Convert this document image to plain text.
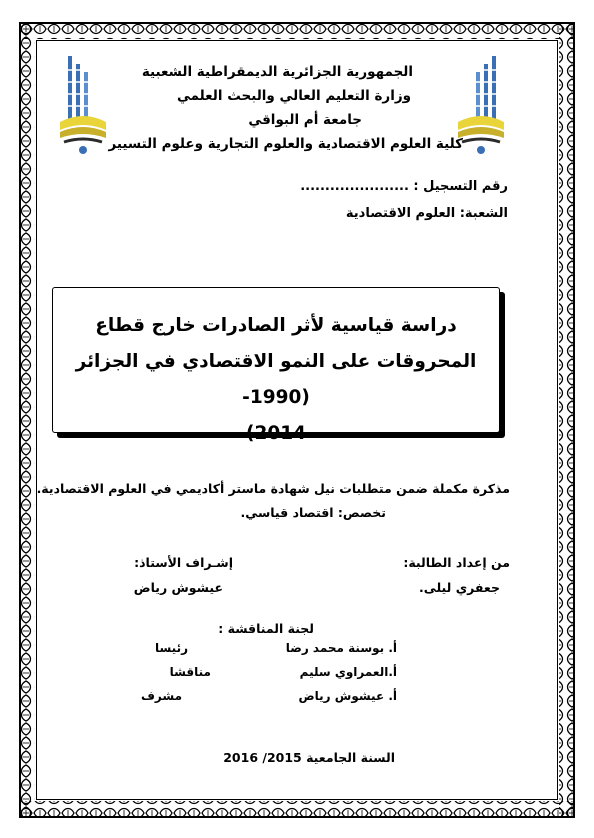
الجمهورية الجزائرية الديمقراطية الشعبية
وزارة التعليم العالي والبحث العلمي
جامعة أم البواقي
كلية العلوم الاقتصادية والعلوم التجارية وعلوم التسيير
رقم التسجيل : ......................
الشعبة: العلوم الاقتصادية
دراسة قياسية لأثر الصادرات خارج قطاع
المحروقات على النمو الاقتصادي في الجزائر (1990-
2014)
مذكرة مكملة ضمن متطلبات نيل شهادة ماستر أكاديمي في العلوم الاقتصادية.
تخصص: اقتصاد قياسي.
من إعداد الطالبة:
جعفري ليلى.
إشـراف الأستاذ:
عيشوش رياض
لجنة المناقشة :
أ. بوسنة محمد رضا
رئيسا
أ.العمراوي سليم
مناقشا
أ. عيشوش رياض
مشرف
السنة الجامعية 2015/ 2016
